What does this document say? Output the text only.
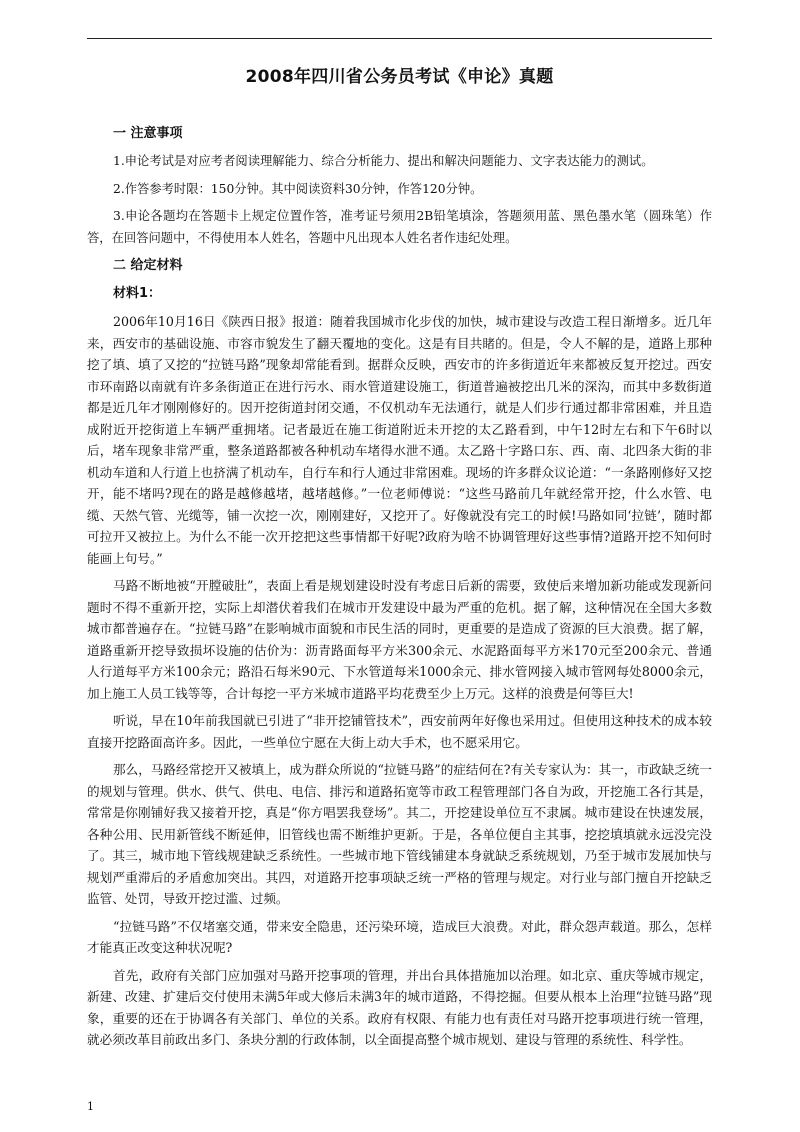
2008年四川省公务员考试《申论》真题
一 注意事项

1.申论考试是对应考者阅读理解能力、综合分析能力、提出和解决问题能力、文字表达能力的测试。

2.作答参考时限：150分钟。其中阅读资料30分钟，作答120分钟。

3.申论各题均在答题卡上规定位置作答，准考证号须用2B铅笔填涂，答题须用蓝、黑色墨水笔（圆珠笔）作答，在回答问题中，不得使用本人姓名，答题中凡出现本人姓名者作违纪处理。

二 给定材料
材料1：

2006年10月16日《陕西日报》报道：随着我国城市化步伐的加快，城市建设与改造工程日渐增多。近几年来，西安市的基础设施、市容市貌发生了翻天覆地的变化。这是有目共睹的。但是，令人不解的是，道路上那种挖了填、填了又挖的“拉链马路”现象却常能看到。据群众反映，西安市的许多街道近年来都被反复开挖过。西安市环南路以南就有许多条街道正在进行污水、雨水管道建设施工，街道普遍被挖出几米的深沟，而其中多数街道都是近几年才刚刚修好的。因开挖街道封闭交通，不仅机动车无法通行，就是人们步行通过都非常困难，并且造成附近开挖街道上车辆严重拥堵。记者最近在施工街道附近未开挖的太乙路看到，中午12时左右和下午6时以后，堵车现象非常严重，整条道路都被各种机动车堵得水泄不通。太乙路十字路口东、西、南、北四条大街的非机动车道和人行道上也挤满了机动车，自行车和行人通过非常困难。现场的许多群众议论道：“一条路刚修好又挖开，能不堵吗?现在的路是越修越堵，越堵越修。”一位老师傅说：“这些马路前几年就经常开挖，什么水管、电缆、天然气管、光缆等，铺一次挖一次，刚刚建好，又挖开了。好像就没有完工的时候!马路如同‘拉链’，随时都可拉开又被拉上。为什么不能一次开挖把这些事情都干好呢?政府为啥不协调管理好这些事情?道路开挖不知何时能画上句号。”

马路不断地被“开膛破肚”，表面上看是规划建设时没有考虑日后新的需要，致使后来增加新功能或发现新问题时不得不重新开挖，实际上却潜伏着我们在城市开发建设中最为严重的危机。据了解，这种情况在全国大多数城市都普遍存在。“拉链马路”在影响城市面貌和市民生活的同时，更重要的是造成了资源的巨大浪费。据了解，道路重新开挖导致损坏设施的估价为：沥青路面每平方米300余元、水泥路面每平方米170元至200余元、普通人行道每平方米100余元；路沿石每米90元、下水管道每米1000余元、排水管网接入城市管网每处8000余元，加上施工人员工钱等等，合计每挖一平方米城市道路平均花费至少上万元。这样的浪费是何等巨大!

听说，早在10年前我国就已引进了“非开挖铺管技术”，西安前两年好像也采用过。但使用这种技术的成本较直接开挖路面高许多。因此，一些单位宁愿在大街上动大手术，也不愿采用它。

那么，马路经常挖开又被填上，成为群众所说的“拉链马路”的症结何在?有关专家认为：其一，市政缺乏统一的规划与管理。供水、供气、供电、电信、排污和道路拓宽等市政工程管理部门各自为政，开挖施工各行其是，常常是你刚铺好我又接着开挖，真是“你方唱罢我登场”。其二，开挖建设单位互不隶属。城市建设在快速发展，各种公用、民用新管线不断延伸，旧管线也需不断维护更新。于是，各单位便自主其事，挖挖填填就永远没完没了。其三，城市地下管线规建缺乏系统性。一些城市地下管线铺建本身就缺乏系统规划，乃至于城市发展加快与规划严重滞后的矛盾愈加突出。其四，对道路开挖事项缺乏统一严格的管理与规定。对行业与部门擅自开挖缺乏监管、处罚，导致开挖过滥、过频。

“拉链马路”不仅堵塞交通，带来安全隐患，还污染环境，造成巨大浪费。对此，群众怨声载道。那么，怎样才能真正改变这种状况呢?

首先，政府有关部门应加强对马路开挖事项的管理，并出台具体措施加以治理。如北京、重庆等城市规定，新建、改建、扩建后交付使用未满5年或大修后未满3年的城市道路，不得挖掘。但要从根本上治理“拉链马路”现象，重要的还在于协调各有关部门、单位的关系。政府有权限、有能力也有责任对马路开挖事项进行统一管理，就必须改革目前政出多门、条块分割的行政体制，以全面提高整个城市规划、建设与管理的系统性、科学性。

1
